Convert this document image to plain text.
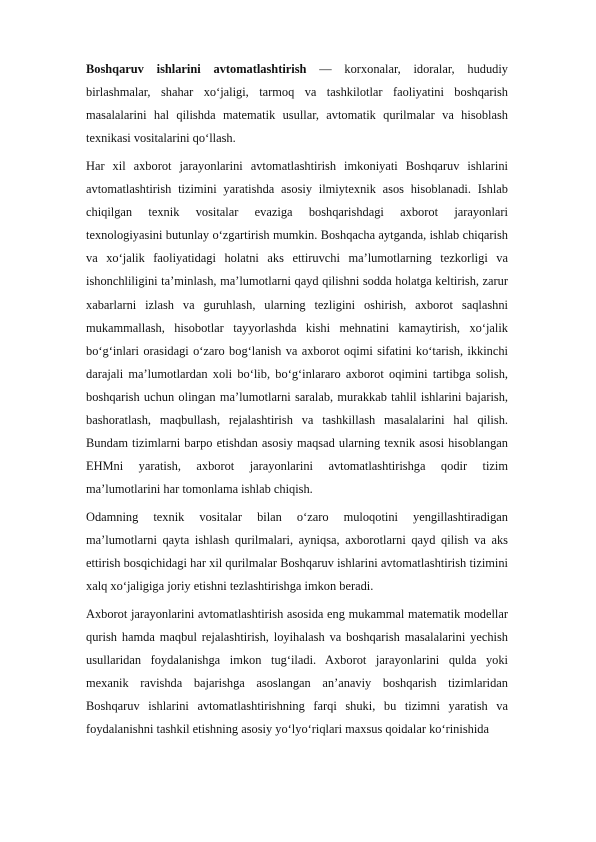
Boshqaruv ishlarini avtomatlashtirish — korxonalar, idoralar, hududiy birlashmalar, shahar xoʻjaligi, tarmoq va tashkilotlar faoliyatini boshqarish masalalarini hal qilishda matematik usullar, avtomatik qurilmalar va hisoblash texnikasi vositalarini qoʻllash.

Har xil axborot jarayonlarini avtomatlashtirish imkoniyati Boshqaruv ishlarini avtomatlashtirish tizimini yaratishda asosiy ilmiytexnik asos hisoblanadi. Ishlab chiqilgan texnik vositalar evaziga boshqarishdagi axborot jarayonlari texnologiyasini butunlay oʻzgartirish mumkin. Boshqacha aytganda, ishlab chiqarish va xoʻjalik faoliyatidagi holatni aks ettiruvchi maʼlumotlarning tezkorligi va ishonchliligini taʼminlash, maʼlumotlarni qayd qilishni sodda holatga keltirish, zarur xabarlarni izlash va guruhlash, ularning tezligini oshirish, axborot saqlashni mukammallash, hisobotlar tayyorlashda kishi mehnatini kamaytirish, xoʻjalik boʻgʻinlari orasidagi oʻzaro bogʻlanish va axborot oqimi sifatini koʻtarish, ikkinchi darajali maʼlumotlardan xoli boʻlib, boʻgʻinlararo axborot oqimini tartibga solish, boshqarish uchun olingan maʼlumotlarni saralab, murakkab tahlil ishlarini bajarish, bashoratlash, maqbullash, rejalashtirish va tashkillash masalalarini hal qilish. Bundam tizimlarni barpo etishdan asosiy maqsad ularning texnik asosi hisoblangan EHMni yaratish, axborot jarayonlarini avtomatlashtirishga qodir tizim maʼlumotlarini har tomonlama ishlab chiqish.

Odamning texnik vositalar bilan oʻzaro muloqotini yengillashtiradigan maʼlumotlarni qayta ishlash qurilmalari, ayniqsa, axborotlarni qayd qilish va aks ettirish bosqichidagi har xil qurilmalar Boshqaruv ishlarini avtomatlashtirish tizimini xalq xoʻjaligiga joriy etishni tezlashtirishga imkon beradi.

Axborot jarayonlarini avtomatlashtirish asosida eng mukammal matematik modellar qurish hamda maqbul rejalashtirish, loyihalash va boshqarish masalalarini yechish usullaridan foydalanishga imkon tugʻiladi. Axborot jarayonlarini qulda yoki mexanik ravishda bajarishga asoslangan anʼanaviy boshqarish tizimlaridan Boshqaruv ishlarini avtomatlashtirishning farqi shuki, bu tizimni yaratish va foydalanishni tashkil etishning asosiy yoʻlyoʻriqlari maxsus qoidalar koʻrinishida
